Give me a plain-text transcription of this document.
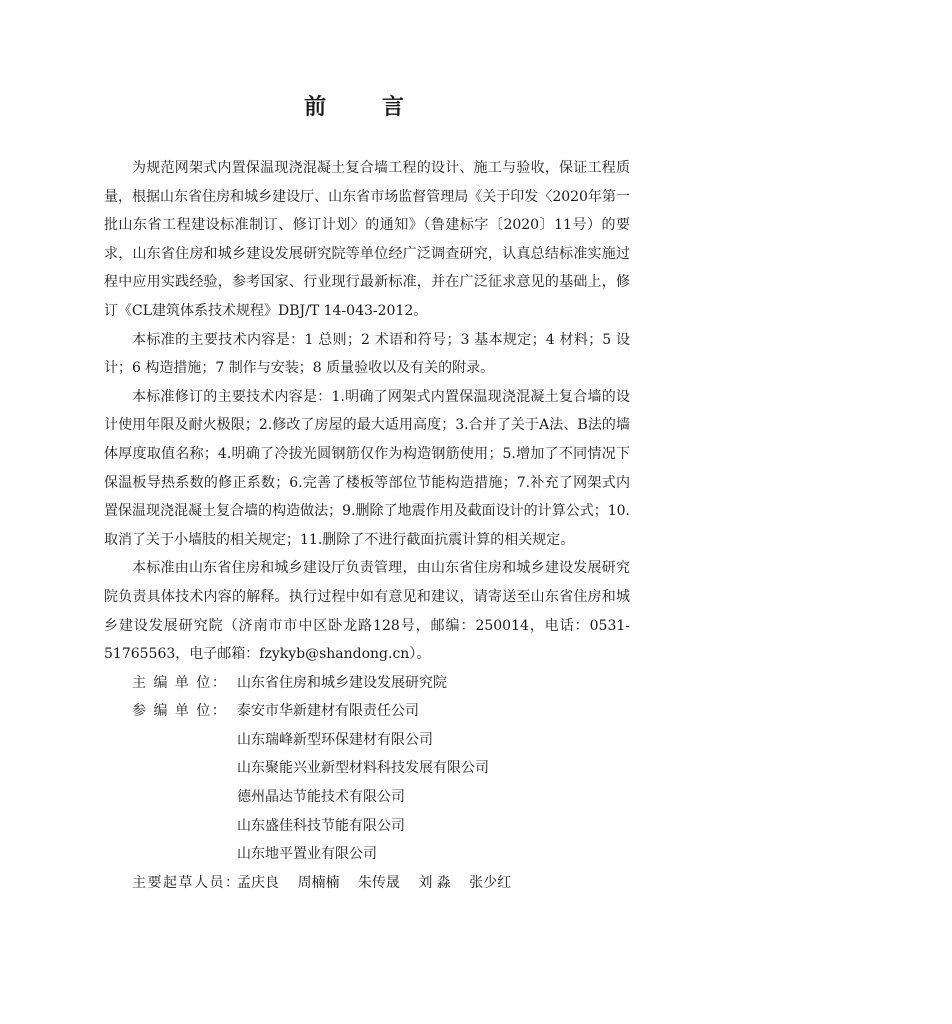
前 言

为规范网架式内置保温现浇混凝土复合墙工程的设计、施工与验收，保证工程质量，根据山东省住房和城乡建设厅、山东省市场监督管理局《关于印发〈2020年第一批山东省工程建设标准制订、修订计划〉的通知》（鲁建标字〔2020〕11号）的要求，山东省住房和城乡建设发展研究院等单位经广泛调查研究，认真总结标准实施过程中应用实践经验，参考国家、行业现行最新标准，并在广泛征求意见的基础上，修订《CL建筑体系技术规程》DBJ/T 14-043-2012。

本标准的主要技术内容是：1 总则；2 术语和符号；3 基本规定；4 材料；5 设计；6 构造措施；7 制作与安装；8 质量验收以及有关的附录。

本标准修订的主要技术内容是：1.明确了网架式内置保温现浇混凝土复合墙的设计使用年限及耐火极限；2.修改了房屋的最大适用高度；3.合并了关于A法、B法的墙体厚度取值名称；4.明确了冷拔光圆钢筋仅作为构造钢筋使用；5.增加了不同情况下保温板导热系数的修正系数；6.完善了楼板等部位节能构造措施；7.补充了网架式内置保温现浇混凝土复合墙的构造做法；9.删除了地震作用及截面设计的计算公式；10.取消了关于小墙肢的相关规定；11.删除了不进行截面抗震计算的相关规定。

本标准由山东省住房和城乡建设厅负责管理，由山东省住房和城乡建设发展研究院负责具体技术内容的解释。执行过程中如有意见和建议，请寄送至山东省住房和城乡建设发展研究院（济南市市中区卧龙路128号，邮编：250014，电话：0531-51765563，电子邮箱：fzykyb@shandong.cn）。

主 编 单 位： 山东省住房和城乡建设发展研究院
参 编 单 位： 泰安市华新建材有限责任公司
山东瑞峰新型环保建材有限公司
山东聚能兴业新型材料科技发展有限公司
德州晶达节能技术有限公司
山东盛佳科技节能有限公司
山东地平置业有限公司
主要起草人员：
孟庆良 周楠楠 朱传晟 刘 淼 张少红
